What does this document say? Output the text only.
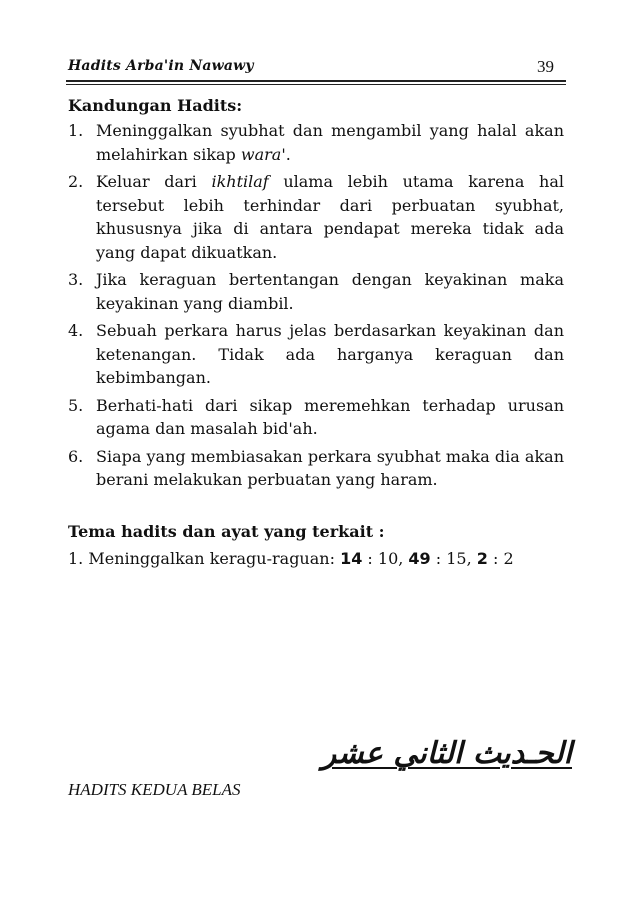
Hadits Arba'in Nawawy	39
Kandungan Hadits:
1. Meninggalkan syubhat dan mengambil yang halal akan melahirkan sikap wara'.
2. Keluar dari ikhtilaf ulama lebih utama karena hal tersebut lebih terhindar dari perbuatan syubhat, khususnya jika di antara pendapat mereka tidak ada yang dapat dikuatkan.
3. Jika keraguan bertentangan dengan keyakinan maka keyakinan yang diambil.
4. Sebuah perkara harus jelas berdasarkan keyakinan dan ketenangan. Tidak ada harganya keraguan dan kebimbangan.
5. Berhati-hati dari sikap meremehkan terhadap urusan agama dan masalah bid'ah.
6. Siapa yang membiasakan perkara syubhat maka dia akan berani melakukan perbuatan yang haram.
Tema hadits dan ayat yang terkait :
1. Meninggalkan keragu-raguan: 14 : 10, 49 : 15, 2 : 2
الحـديث الثاني عشر
HADITS KEDUA BELAS
